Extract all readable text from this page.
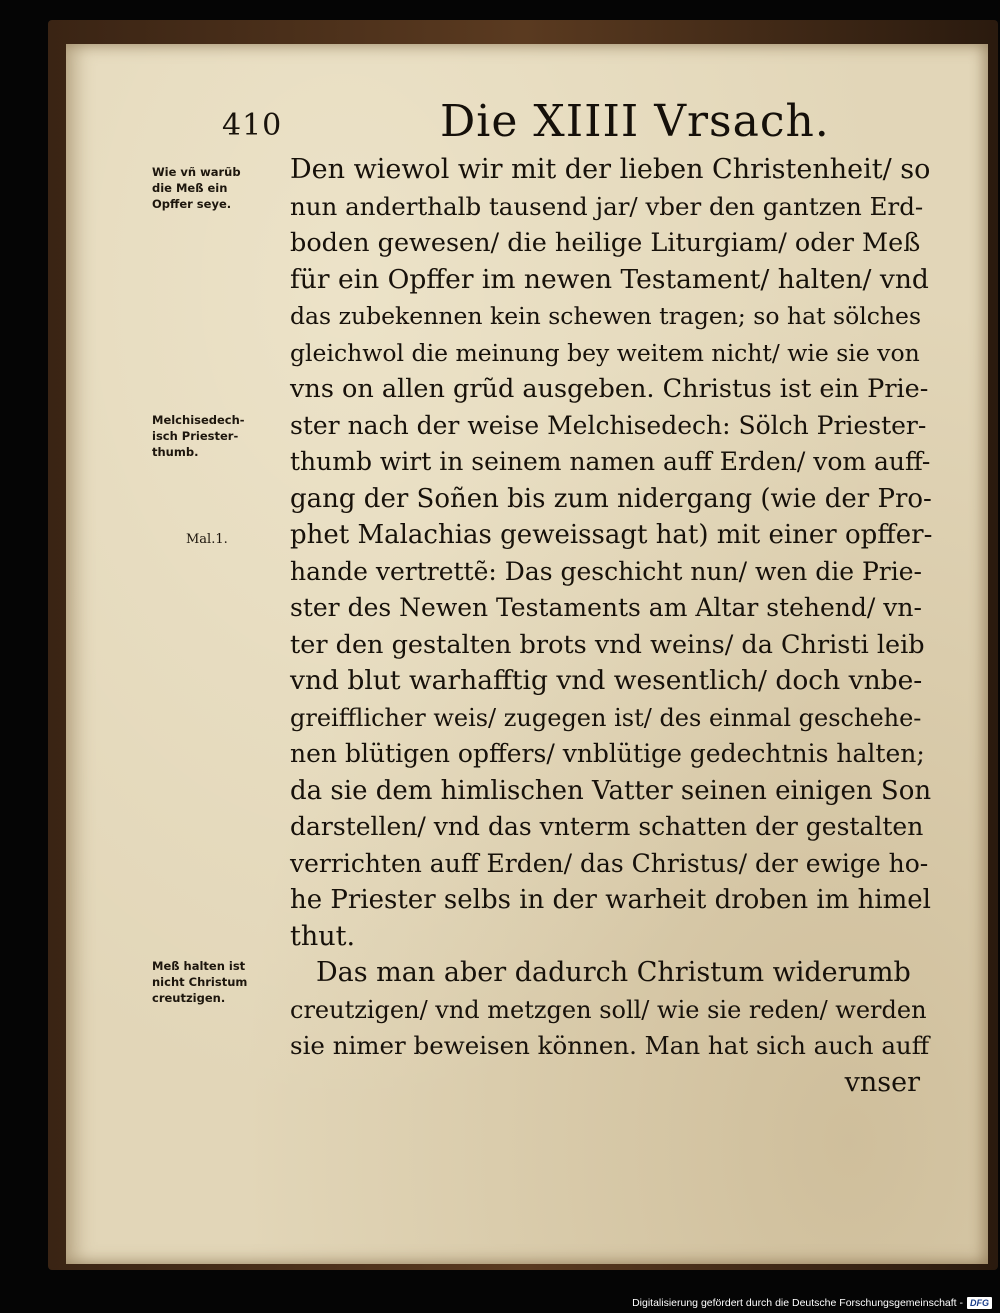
410	Die XIIII Vrsach.
Wie vñ warũb
die Meß ein
Opffer seye.
Melchisedech-
isch Priester-
thumb.
Mal.1.
Meß halten ist
nicht Christum
creutzigen.
Den wiewol wir mit der lieben Christenheit/ so
nun anderthalb tausend jar/ vber den gantzen Erd-
boden gewesen/ die heilige Liturgiam/ oder Meß
für ein Opffer im newen Testament/ halten/ vnd
das zubekennen kein schewen tragen; so hat sölches
gleichwol die meinung bey weitem nicht/ wie sie von
vns on allen grũd ausgeben. Christus ist ein Prie-
ster nach der weise Melchisedech: Sölch Priester-
thumb wirt in seinem namen auff Erden/ vom auff-
gang der Soñen bis zum nidergang (wie der Pro-
phet Malachias geweissagt hat) mit einer opffer-
hande vertrettẽ: Das geschicht nun/ wen die Prie-
ster des Newen Testaments am Altar stehend/ vn-
ter den gestalten brots vnd weins/ da Christi leib
vnd blut warhafftig vnd wesentlich/ doch vnbe-
greifflicher weis/ zugegen ist/ des einmal geschehe-
nen blütigen opffers/ vnblütige gedechtnis halten;
da sie dem himlischen Vatter seinen einigen Son
darstellen/ vnd das vnterm schatten der gestalten
verrichten auff Erden/ das Christus/ der ewige ho-
he Priester selbs in der warheit droben im himel
thut.
Das man aber dadurch Christum widerumb
creutzigen/ vnd metzgen soll/ wie sie reden/ werden
sie nimer beweisen können. Man hat sich auch auff
vnser
Digitalisierung gefördert durch die Deutsche Forschungsgemeinschaft - DFG
